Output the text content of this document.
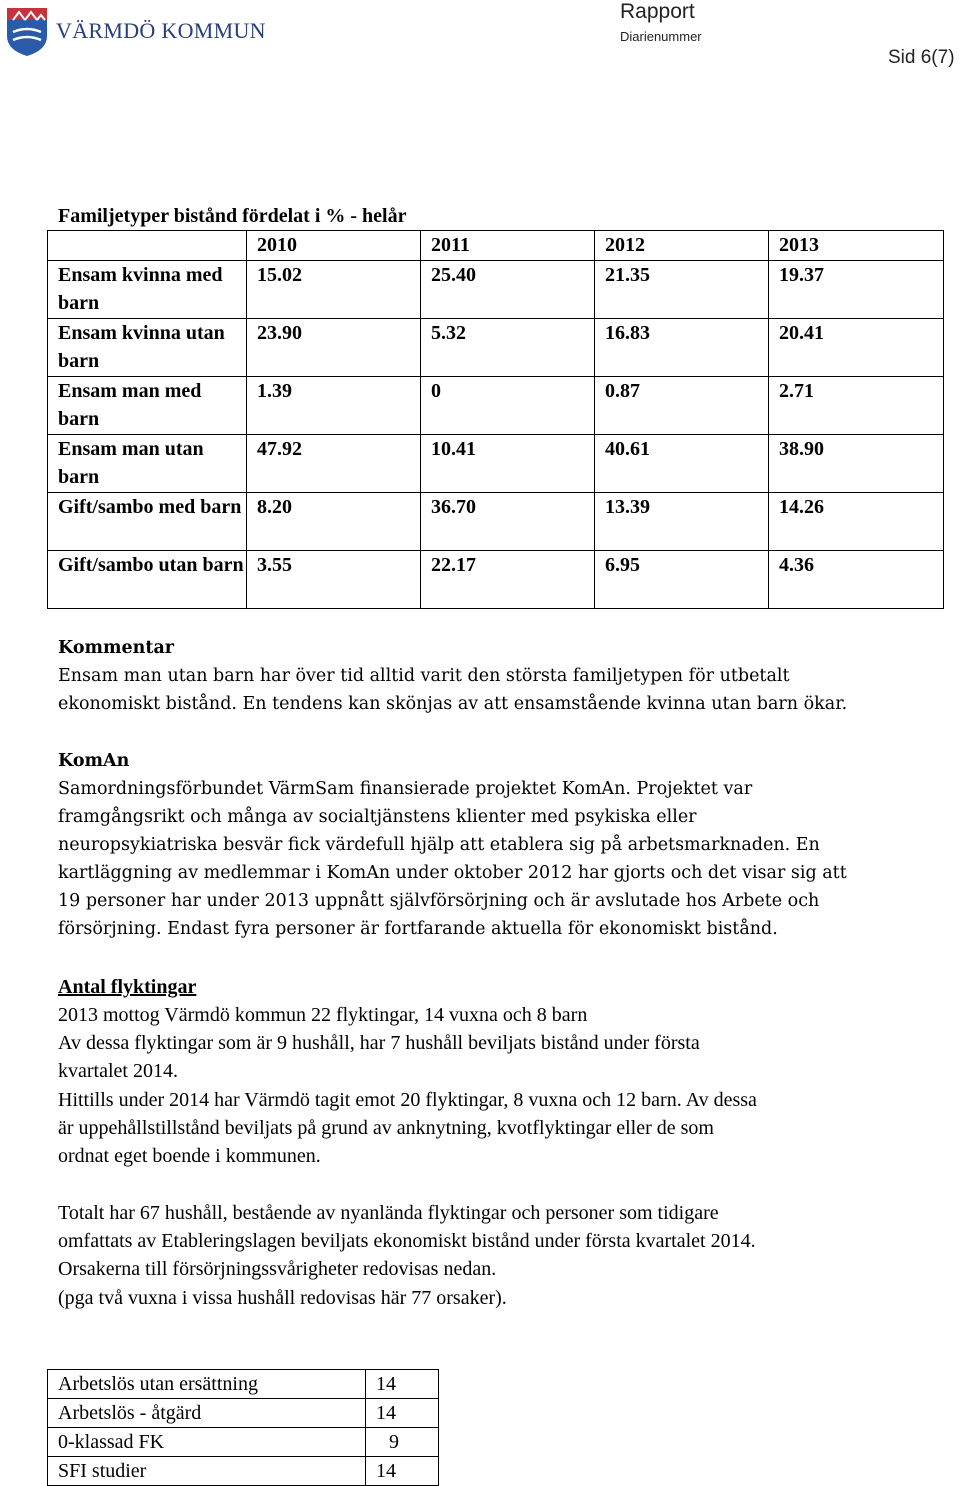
VÄRMDÖ KOMMUN
Rapport
Diarienummer
Sid 6(7)
Familjetyper bistånd fördelat i % - helår
	2010	2011	2012	2013
Ensam kvinna med barn	15.02	25.40	21.35	19.37
Ensam kvinna utan barn	23.90	5.32	16.83	20.41
Ensam man med barn	1.39	0	0.87	2.71
Ensam man utan barn	47.92	10.41	40.61	38.90
Gift/sambo med barn	8.20	36.70	13.39	14.26
Gift/sambo utan barn	3.55	22.17	6.95	4.36
Kommentar
Ensam man utan barn har över tid alltid varit den största familjetypen för utbetalt
ekonomiskt bistånd. En tendens kan skönjas av att ensamstående kvinna utan barn ökar.
KomAn
Samordningsförbundet VärmSam finansierade projektet KomAn. Projektet var
framgångsrikt och många av socialtjänstens klienter med psykiska eller
neuropsykiatriska besvär fick värdefull hjälp att etablera sig på arbetsmarknaden. En
kartläggning av medlemmar i KomAn under oktober 2012 har gjorts och det visar sig att
19 personer har under 2013 uppnått självförsörjning och är avslutade hos Arbete och
försörjning. Endast fyra personer är fortfarande aktuella för ekonomiskt bistånd.
Antal flyktingar
2013 mottog Värmdö kommun 22 flyktingar, 14 vuxna och 8 barn
Av dessa flyktingar som är 9 hushåll, har 7 hushåll beviljats bistånd under första
kvartalet 2014.
Hittills under 2014 har Värmdö tagit emot 20 flyktingar, 8 vuxna och 12 barn. Av dessa
är uppehållstillstånd beviljats på grund av anknytning, kvotflyktingar eller de som
ordnat eget boende i kommunen.
Totalt har 67 hushåll, bestående av nyanlända flyktingar och personer som tidigare
omfattats av Etableringslagen beviljats ekonomiskt bistånd under första kvartalet 2014.
Orsakerna till försörjningssvårigheter redovisas nedan.
(pga två vuxna i vissa hushåll redovisas här 77 orsaker).
Arbetslös utan ersättning	14
Arbetslös - åtgärd	14
0-klassad FK	9
SFI studier	14
